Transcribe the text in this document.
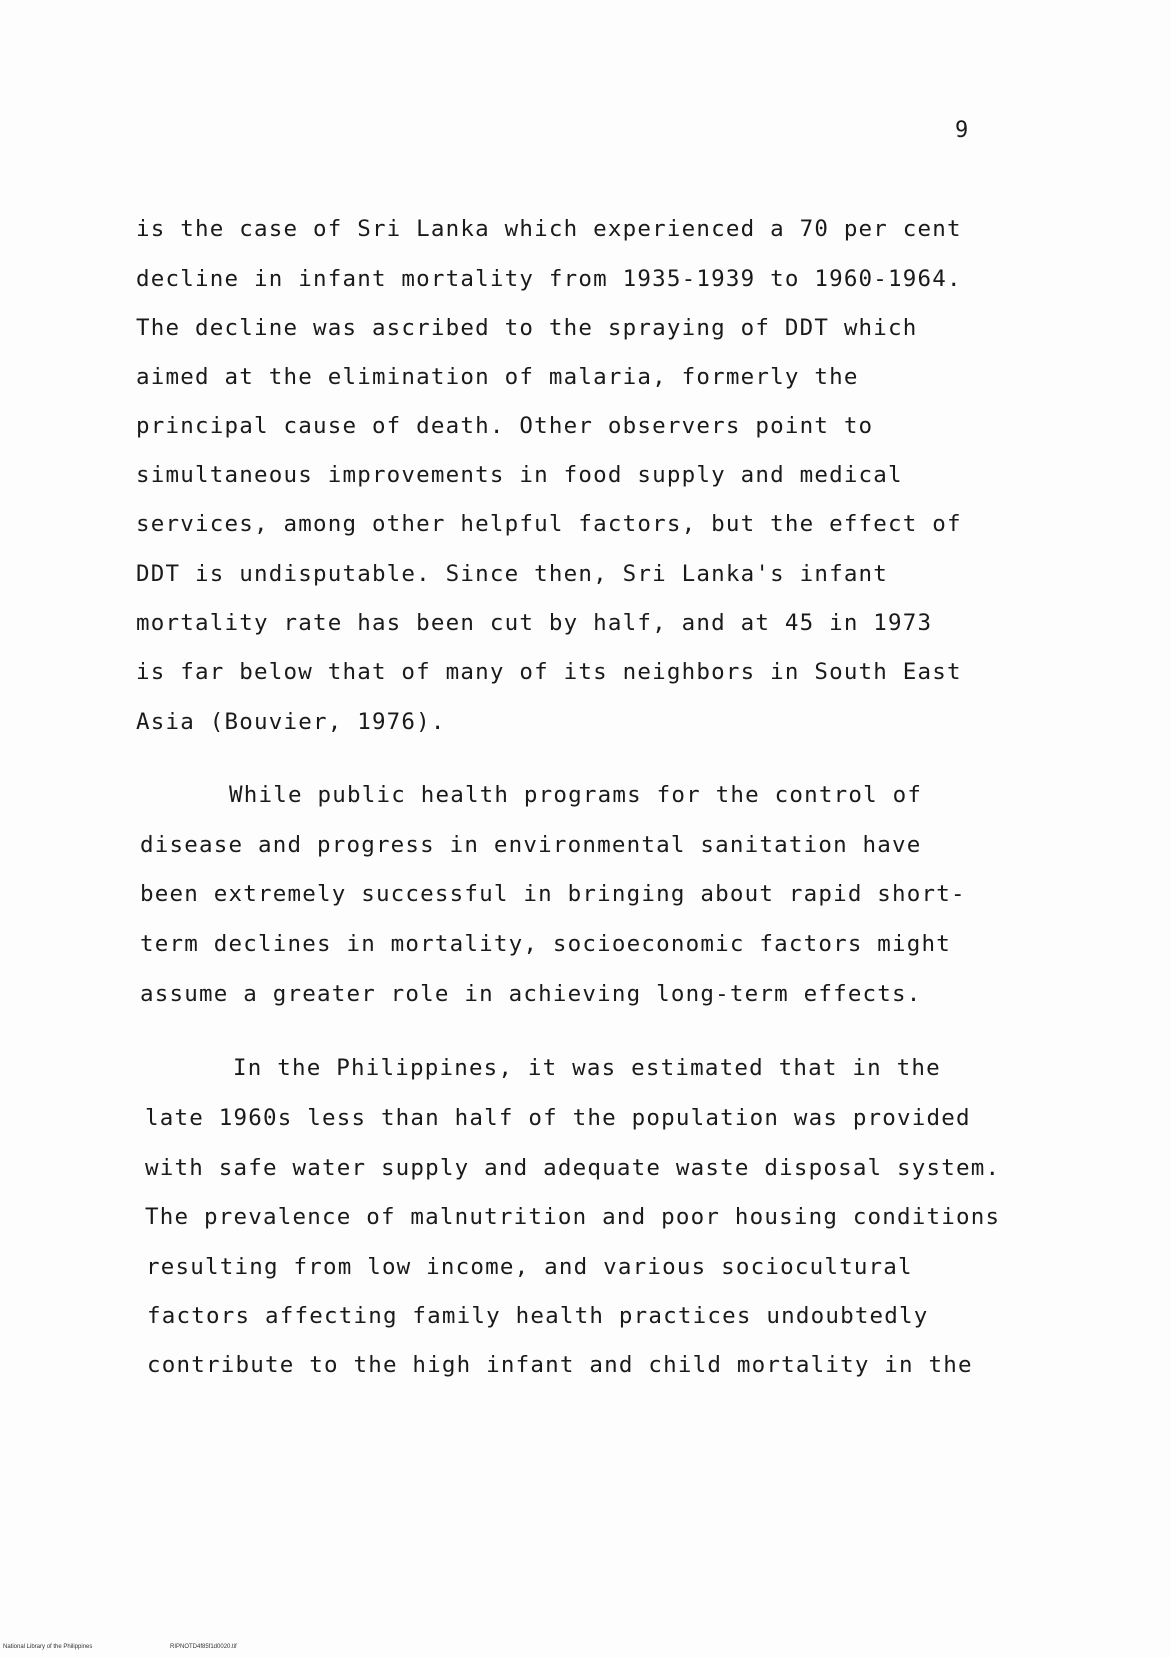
9
is the case of Sri Lanka which experienced a 70 per cent
decline in infant mortality from 1935-1939 to 1960-1964.
The decline was ascribed to the spraying of DDT which
aimed at the elimination of malaria, formerly the
principal cause of death. Other observers point to
simultaneous improvements in food supply and medical
services, among other helpful factors, but the effect of
DDT is undisputable. Since then, Sri Lanka's infant
mortality rate has been cut by half, and at 45 in 1973
is far below that of many of its neighbors in South East
Asia (Bouvier, 1976).
While public health programs for the control of
disease and progress in environmental sanitation have
been extremely successful in bringing about rapid short-
term declines in mortality, socioeconomic factors might
assume a greater role in achieving long-term effects.
In the Philippines, it was estimated that in the
late 1960s less than half of the population was provided
with safe water supply and adequate waste disposal system.
The prevalence of malnutrition and poor housing conditions
resulting from low income, and various sociocultural
factors affecting family health practices undoubtedly
contribute to the high infant and child mortality in the
National Library of the Philippines	RIPNOTD4f85f1d0020.tif
